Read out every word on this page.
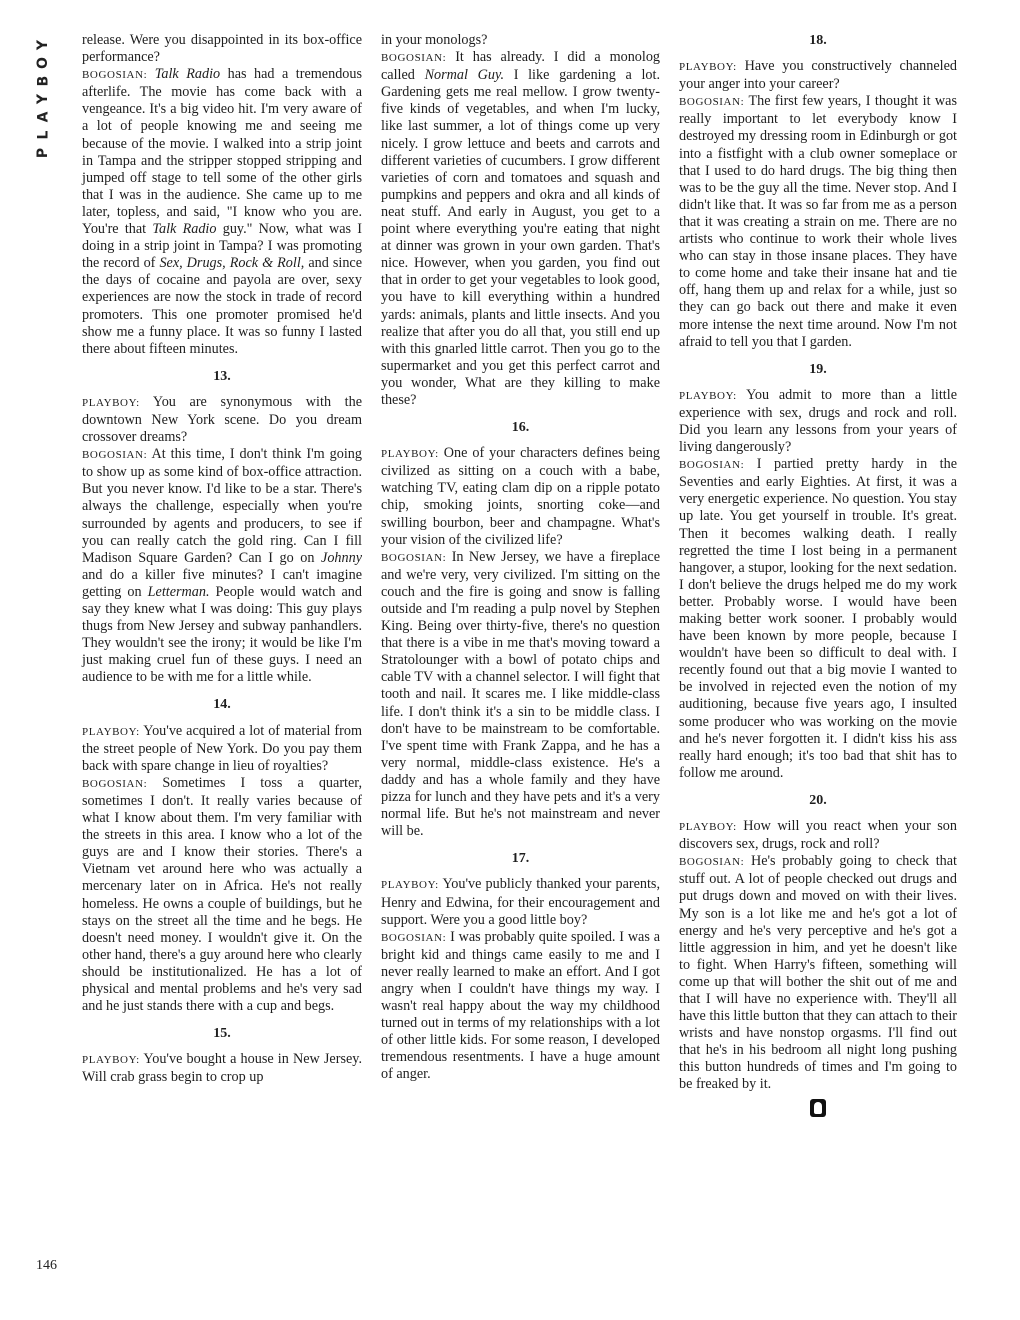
Y
O
B
Y
A
L
P
146

release. Were you disappointed in its box-office performance?

BOGOSIAN: Talk Radio has had a tremendous afterlife. The movie has come back with a vengeance. It's a big video hit. I'm very aware of a lot of people knowing me and seeing me because of the movie. I walked into a strip joint in Tampa and the stripper stopped stripping and jumped off stage to tell some of the other girls that I was in the audience. She came up to me later, topless, and said, "I know who you are. You're that Talk Radio guy." Now, what was I doing in a strip joint in Tampa? I was promoting the record of Sex, Drugs, Rock & Roll, and since the days of cocaine and payola are over, sexy experiences are now the stock in trade of record promoters. This one promoter promised he'd show me a funny place. It was so funny I lasted there about fifteen minutes.

13.

PLAYBOY: You are synonymous with the downtown New York scene. Do you dream crossover dreams?

BOGOSIAN: At this time, I don't think I'm going to show up as some kind of box-office attraction. But you never know. I'd like to be a star. There's always the challenge, especially when you're surrounded by agents and producers, to see if you can really catch the gold ring. Can I fill Madison Square Garden? Can I go on Johnny and do a killer five minutes? I can't imagine getting on Letterman. People would watch and say they knew what I was doing: This guy plays thugs from New Jersey and subway panhandlers. They wouldn't see the irony; it would be like I'm just making cruel fun of these guys. I need an audience to be with me for a little while.

14.

PLAYBOY: You've acquired a lot of material from the street people of New York. Do you pay them back with spare change in lieu of royalties?

BOGOSIAN: Sometimes I toss a quarter, sometimes I don't. It really varies because of what I know about them. I'm very familiar with the streets in this area. I know who a lot of the guys are and I know their stories. There's a Vietnam vet around here who was actually a mercenary later on in Africa. He's not really homeless. He owns a couple of buildings, but he stays on the street all the time and he begs. He doesn't need money. I wouldn't give it. On the other hand, there's a guy around here who clearly should be institutionalized. He has a lot of physical and mental problems and he's very sad and he just stands there with a cup and begs.

15.

PLAYBOY: You've bought a house in New Jersey. Will crab grass begin to crop up

in your monologs?

BOGOSIAN: It has already. I did a monolog called Normal Guy. I like gardening a lot. Gardening gets me real mellow. I grow twenty-five kinds of vegetables, and when I'm lucky, like last summer, a lot of things come up very nicely. I grow lettuce and beets and carrots and different varieties of cucumbers. I grow different varieties of corn and tomatoes and squash and pumpkins and peppers and okra and all kinds of neat stuff. And early in August, you get to a point where everything you're eating that night at dinner was grown in your own garden. That's nice. However, when you garden, you find out that in order to get your vegetables to look good, you have to kill everything within a hundred yards: animals, plants and little insects. And you realize that after you do all that, you still end up with this gnarled little carrot. Then you go to the supermarket and you get this perfect carrot and you wonder, What are they killing to make these?

16.

PLAYBOY: One of your characters defines being civilized as sitting on a couch with a babe, watching TV, eating clam dip on a ripple potato chip, smoking joints, snorting coke—and swilling bourbon, beer and champagne. What's your vision of the civilized life?

BOGOSIAN: In New Jersey, we have a fireplace and we're very, very civilized. I'm sitting on the couch and the fire is going and snow is falling outside and I'm reading a pulp novel by Stephen King. Being over thirty-five, there's no question that there is a vibe in me that's moving toward a Stratolounger with a bowl of potato chips and cable TV with a channel selector. I will fight that tooth and nail. It scares me. I like middle-class life. I don't think it's a sin to be middle class. I don't have to be mainstream to be comfortable. I've spent time with Frank Zappa, and he has a very normal, middle-class existence. He's a daddy and has a whole family and they have pizza for lunch and they have pets and it's a very normal life. But he's not mainstream and never will be.

17.

PLAYBOY: You've publicly thanked your parents, Henry and Edwina, for their encouragement and support. Were you a good little boy?

BOGOSIAN: I was probably quite spoiled. I was a bright kid and things came easily to me and I never really learned to make an effort. And I got angry when I couldn't have things my way. I wasn't real happy about the way my childhood turned out in terms of my relationships with a lot of other little kids. For some reason, I developed tremendous resentments. I have a huge amount of anger.

18.

PLAYBOY: Have you constructively channeled your anger into your career?

BOGOSIAN: The first few years, I thought it was really important to let everybody know I destroyed my dressing room in Edinburgh or got into a fistfight with a club owner someplace or that I used to do hard drugs. The big thing then was to be the guy all the time. Never stop. And I didn't like that. It was so far from me as a person that it was creating a strain on me. There are no artists who continue to work their whole lives who can stay in those insane places. They have to come home and take their insane hat and tie off, hang them up and relax for a while, just so they can go back out there and make it even more intense the next time around. Now I'm not afraid to tell you that I garden.

19.

PLAYBOY: You admit to more than a little experience with sex, drugs and rock and roll. Did you learn any lessons from your years of living dangerously?

BOGOSIAN: I partied pretty hardy in the Seventies and early Eighties. At first, it was a very energetic experience. No question. You stay up late. You get yourself in trouble. It's great. Then it becomes walking death. I really regretted the time I lost being in a permanent hangover, a stupor, looking for the next sedation. I don't believe the drugs helped me do my work better. Probably worse. I would have been making better work sooner. I probably would have been known by more people, because I wouldn't have been so difficult to deal with. I recently found out that a big movie I wanted to be involved in rejected even the notion of my auditioning, because five years ago, I insulted some producer who was working on the movie and he's never forgotten it. I didn't kiss his ass really hard enough; it's too bad that shit has to follow me around.

20.

PLAYBOY: How will you react when your son discovers sex, drugs, rock and roll?

BOGOSIAN: He's probably going to check that stuff out. A lot of people checked out drugs and put drugs down and moved on with their lives. My son is a lot like me and he's got a lot of energy and he's very perceptive and he's got a little aggression in him, and yet he doesn't like to fight. When Harry's fifteen, something will come up that will bother the shit out of me and that I will have no experience with. They'll all have this little button that they can attach to their wrists and have nonstop orgasms. I'll find out that he's in his bedroom all night long pushing this button hundreds of times and I'm going to be freaked by it.
